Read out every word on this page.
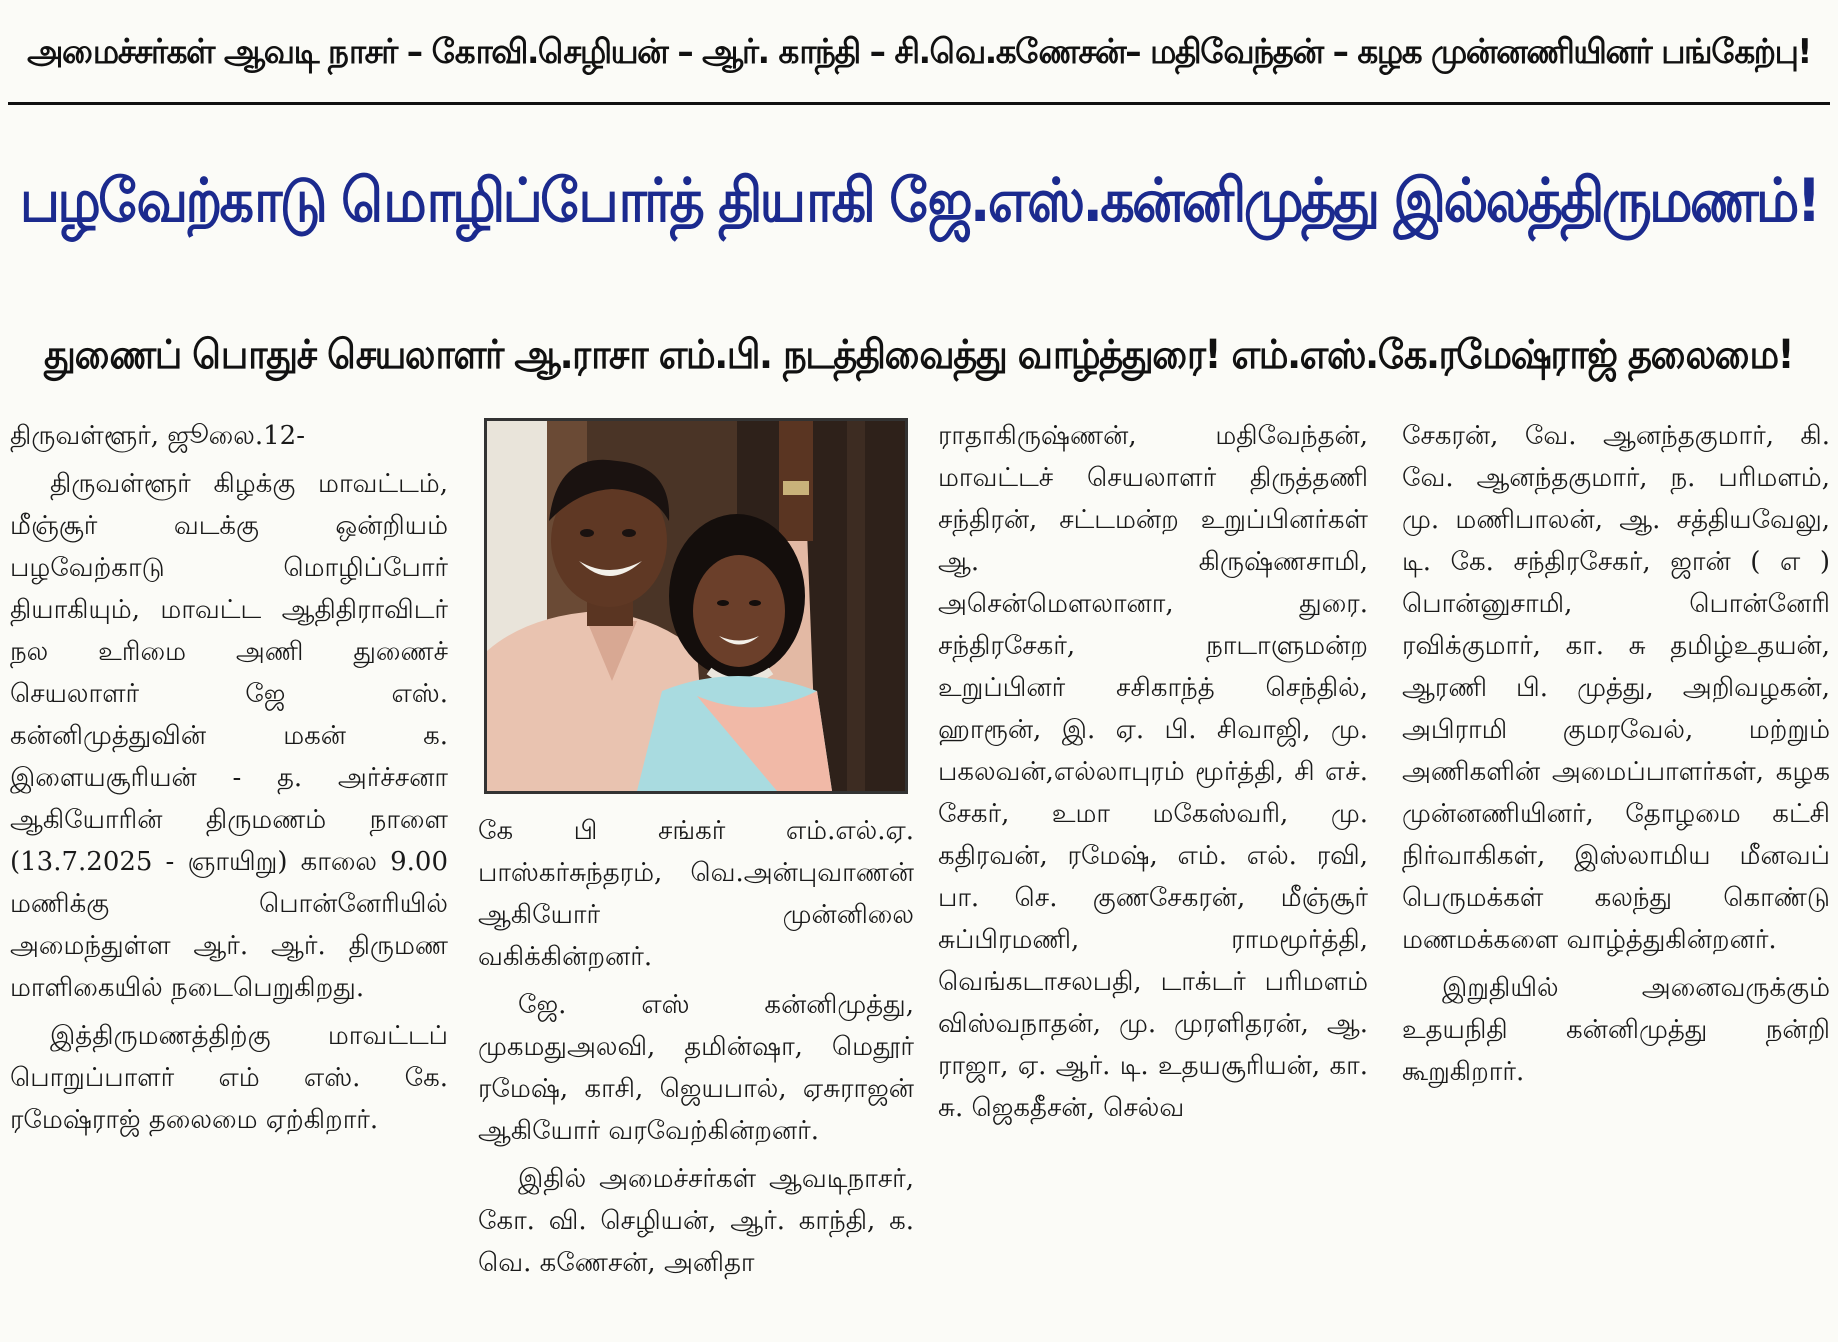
அமைச்சர்கள் ஆவடி நாசர் – கோவி.செழியன் – ஆர். காந்தி – சி.வெ.கணேசன்– மதிவேந்தன் – கழக முன்னணியினர் பங்கேற்பு!
பழவேற்காடு மொழிப்போர்த் தியாகி ஜே.எஸ்.கன்னிமுத்து இல்லத்திருமணம்!
துணைப் பொதுச் செயலாளர் ஆ.ராசா எம்.பி. நடத்திவைத்து வாழ்த்துரை! எம்.எஸ்.கே.ரமேஷ்ராஜ் தலைமை!

திருவள்ளூர், ஜூலை.12-

திருவள்ளூர் கிழக்கு மாவட்டம், மீஞ்சூர் வடக்கு ஒன்றியம் பழவேற்காடு மொழிப்போர் தியாகியும், மாவட்ட ஆதிதிராவிடர் நல உரிமை அணி துணைச் செயலாளர் ஜே எஸ். கன்னிமுத்துவின் மகன் க. இளையசூரியன் - த. அர்ச்சனா ஆகியோரின் திருமணம் நாளை (13.7.2025 - ஞாயிறு) காலை 9.00 மணிக்கு பொன்னேரியில் அமைந்துள்ள ஆர். ஆர். திருமண மாளிகையில் நடைபெறுகிறது.

இத்திருமணத்திற்கு மாவட்டப் பொறுப்பாளர் எம் எஸ். கே. ரமேஷ்ராஜ் தலைமை ஏற்கிறார்.

கே பி சங்கர் எம்.எல்.ஏ. பாஸ்கர்சுந்தரம், வெ.அன்புவாணன் ஆகியோர் முன்னிலை வகிக்கின்றனர்.

ஜே. எஸ் கன்னிமுத்து, முகமதுஅலவி, தமின்ஷா, மெதூர் ரமேஷ், காசி, ஜெயபால், ஏசுராஜன் ஆகியோர் வரவேற்கின்றனர்.

இதில் அமைச்சர்கள் ஆவடிநாசர், கோ. வி. செழியன், ஆர். காந்தி, க. வெ. கணேசன், அனிதா

ராதாகிருஷ்ணன், மதிவேந்தன், மாவட்டச் செயலாளர் திருத்தணி சந்திரன், சட்டமன்ற உறுப்பினர்கள் ஆ. கிருஷ்ணசாமி, அசென்மௌலானா, துரை. சந்திரசேகர், நாடாளுமன்ற உறுப்பினர் சசிகாந்த் செந்தில், ஹாரூன், இ. ஏ. பி. சிவாஜி, மு. பகலவன்,எல்லாபுரம் மூர்த்தி, சி எச். சேகர், உமா மகேஸ்வரி, மு. கதிரவன், ரமேஷ், எம். எல். ரவி, பா. செ. குணசேகரன், மீஞ்சூர் சுப்பிரமணி, ராமமூர்த்தி, வெங்கடாசலபதி, டாக்டர் பரிமளம் விஸ்வநாதன், மு. முரளிதரன், ஆ. ராஜா, ஏ. ஆர். டி. உதயசூரியன், கா. சு. ஜெகதீசன், செல்வ

சேகரன், வே. ஆனந்தகுமார், கி. வே. ஆனந்தகுமார், ந. பரிமளம், மு. மணிபாலன், ஆ. சத்தியவேலு, டி. கே. சந்திரசேகர், ஜான் ( எ ) பொன்னுசாமி, பொன்னேரி ரவிக்குமார், கா. சு தமிழ்உதயன், ஆரணி பி. முத்து, அறிவழகன், அபிராமி குமரவேல், மற்றும் அணிகளின் அமைப்பாளர்கள், கழக முன்னணியினர், தோழமை கட்சி நிர்வாகிகள், இஸ்லாமிய மீனவப் பெருமக்கள் கலந்து கொண்டு மணமக்களை வாழ்த்துகின்றனர்.

இறுதியில் அனைவருக்கும் உதயநிதி கன்னிமுத்து நன்றி கூறுகிறார்.
